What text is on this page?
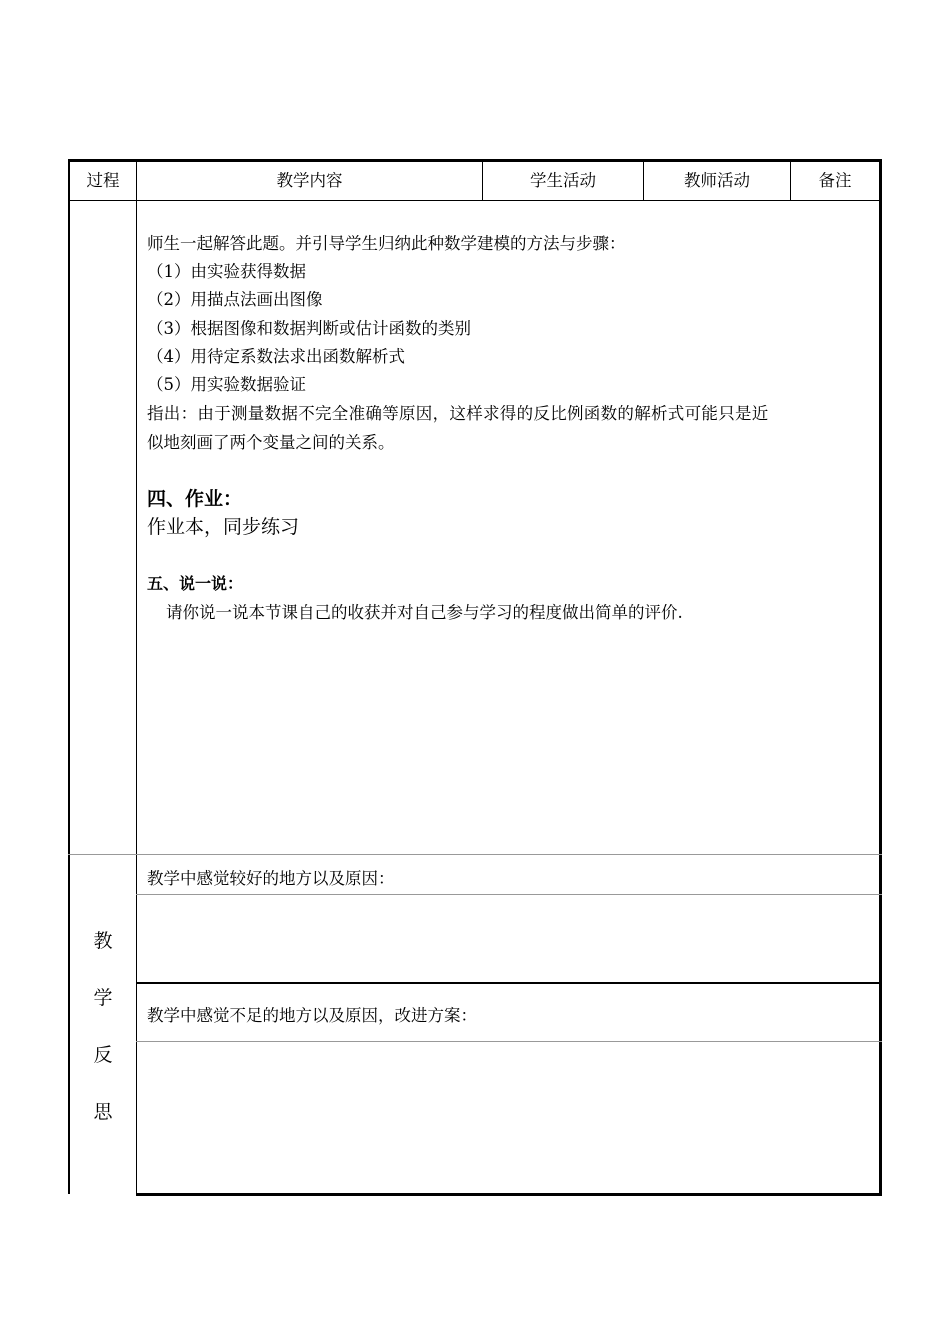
过程	教学内容	学生活动	教师活动	备注
师生一起解答此题。并引导学生归纳此种数学建模的方法与步骤：
（1）由实验获得数据
（2）用描点法画出图像
（3）根据图像和数据判断或估计函数的类别
（4）用待定系数法求出函数解析式
（5）用实验数据验证
指出：由于测量数据不完全准确等原因，这样求得的反比例函数的解析式可能只是近
似地刻画了两个变量之间的关系。
四、作业：
作业本，同步练习
五、说一说：
请你说一说本节课自己的收获并对自己参与学习的程度做出简单的评价.
教
学
反
思
教学中感觉较好的地方以及原因：
教学中感觉不足的地方以及原因，改进方案：
